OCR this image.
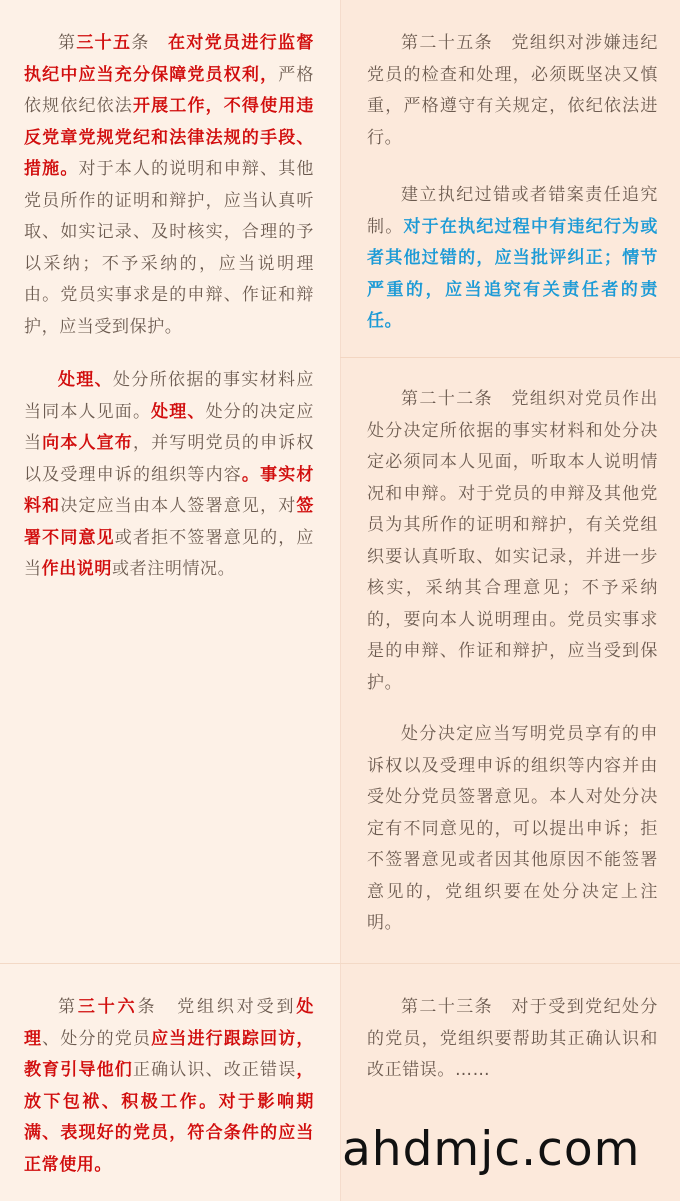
第三十五条　在对党员进行监督执纪中应当充分保障党员权利，严格依规依纪依法开展工作，不得使用违反党章党规党纪和法律法规的手段、措施。对于本人的说明和申辩、其他党员所作的证明和辩护，应当认真听取、如实记录、及时核实，合理的予以采纳；不予采纳的，应当说明理由。党员实事求是的申辩、作证和辩护，应当受到保护。

处理、处分所依据的事实材料应当同本人见面。处理、处分的决定应当向本人宣布，并写明党员的申诉权以及受理申诉的组织等内容。事实材料和决定应当由本人签署意见，对签署不同意见或者拒不签署意见的，应当作出说明或者注明情况。

第二十五条　党组织对涉嫌违纪党员的检查和处理，必须既坚决又慎重，严格遵守有关规定，依纪依法进行。

建立执纪过错或者错案责任追究制。对于在执纪过程中有违纪行为或者其他过错的，应当批评纠正；情节严重的，应当追究有关责任者的责任。

第二十二条　党组织对党员作出处分决定所依据的事实材料和处分决定必须同本人见面，听取本人说明情况和申辩。对于党员的申辩及其他党员为其所作的证明和辩护，有关党组织要认真听取、如实记录，并进一步核实，采纳其合理意见；不予采纳的，要向本人说明理由。党员实事求是的申辩、作证和辩护，应当受到保护。

处分决定应当写明党员享有的申诉权以及受理申诉的组织等内容并由受处分党员签署意见。本人对处分决定有不同意见的，可以提出申诉；拒不签署意见或者因其他原因不能签署意见的，党组织要在处分决定上注明。

第三十六条　党组织对受到处理、处分的党员应当进行跟踪回访，教育引导他们正确认识、改正错误，放下包袱、积极工作。对于影响期满、表现好的党员，符合条件的应当正常使用。

第二十三条　对于受到党纪处分的党员，党组织要帮助其正确认识和改正错误。……

ahdmjc.com
